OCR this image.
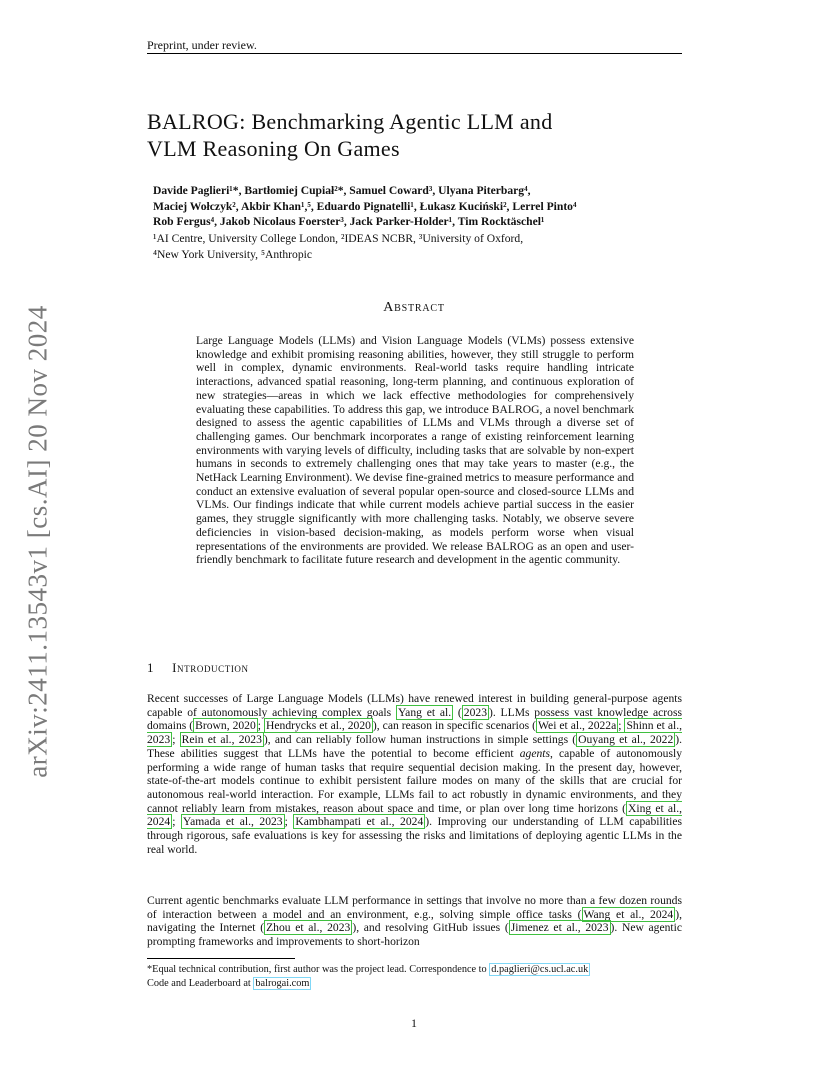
Preprint, under review.
BALROG: Benchmarking Agentic LLM and
VLM Reasoning On Games
Davide Paglieri¹*, Bartłomiej Cupiał²*, Samuel Coward³, Ulyana Piterbarg⁴,
Maciej Wołczyk², Akbir Khan¹,⁵, Eduardo Pignatelli¹, Łukasz Kuciński², Lerrel Pinto⁴
Rob Fergus⁴, Jakob Nicolaus Foerster³, Jack Parker-Holder¹, Tim Rocktäschel¹
¹AI Centre, University College London, ²IDEAS NCBR, ³University of Oxford,
⁴New York University, ⁵Anthropic
Abstract
Large Language Models (LLMs) and Vision Language Models (VLMs) possess extensive knowledge and exhibit promising reasoning abilities, however, they still struggle to perform well in complex, dynamic environments. Real-world tasks require handling intricate interactions, advanced spatial reasoning, long-term planning, and continuous exploration of new strategies—areas in which we lack effective methodologies for comprehensively evaluating these capabilities. To address this gap, we introduce BALROG, a novel benchmark designed to assess the agentic capabilities of LLMs and VLMs through a diverse set of challenging games. Our benchmark incorporates a range of existing reinforcement learning environments with varying levels of difficulty, including tasks that are solvable by non-expert humans in seconds to extremely challenging ones that may take years to master (e.g., the NetHack Learning Environment). We devise fine-grained metrics to measure performance and conduct an extensive evaluation of several popular open-source and closed-source LLMs and VLMs. Our findings indicate that while current models achieve partial success in the easier games, they struggle significantly with more challenging tasks. Notably, we observe severe deficiencies in vision-based decision-making, as models perform worse when visual representations of the environments are provided. We release BALROG as an open and user-friendly benchmark to facilitate future research and development in the agentic community.
1 Introduction
Recent successes of Large Language Models (LLMs) have renewed interest in building general-purpose agents capable of autonomously achieving complex goals Yang et al. ( 2023 ). LLMs possess vast knowledge across domains ( Brown, 2020 ; Hendrycks et al., 2020 ), can reason in specific scenarios ( Wei et al., 2022a ; Shinn et al., 2023 ; Rein et al., 2023 ), and can reliably follow human instructions in simple settings ( Ouyang et al., 2022 ). These abilities suggest that LLMs have the potential to become efficient agents, capable of autonomously performing a wide range of human tasks that require sequential decision making. In the present day, however, state-of-the-art models continue to exhibit persistent failure modes on many of the skills that are crucial for autonomous real-world interaction. For example, LLMs fail to act robustly in dynamic environments, and they cannot reliably learn from mistakes, reason about space and time, or plan over long time horizons ( Xing et al., 2024 ; Yamada et al., 2023 ; Kambhampati et al., 2024 ). Improving our understanding of LLM capabilities through rigorous, safe evaluations is key for assessing the risks and limitations of deploying agentic LLMs in the real world.
Current agentic benchmarks evaluate LLM performance in settings that involve no more than a few dozen rounds of interaction between a model and an environment, e.g., solving simple office tasks ( Wang et al., 2024 ), navigating the Internet ( Zhou et al., 2023 ), and resolving GitHub issues ( Jimenez et al., 2023 ). New agentic prompting frameworks and improvements to short-horizon
*Equal technical contribution, first author was the project lead. Correspondence to d.paglieri@cs.ucl.ac.uk
Code and Leaderboard at balrogai.com
1
arXiv:2411.13543v1 [cs.AI] 20 Nov 2024
